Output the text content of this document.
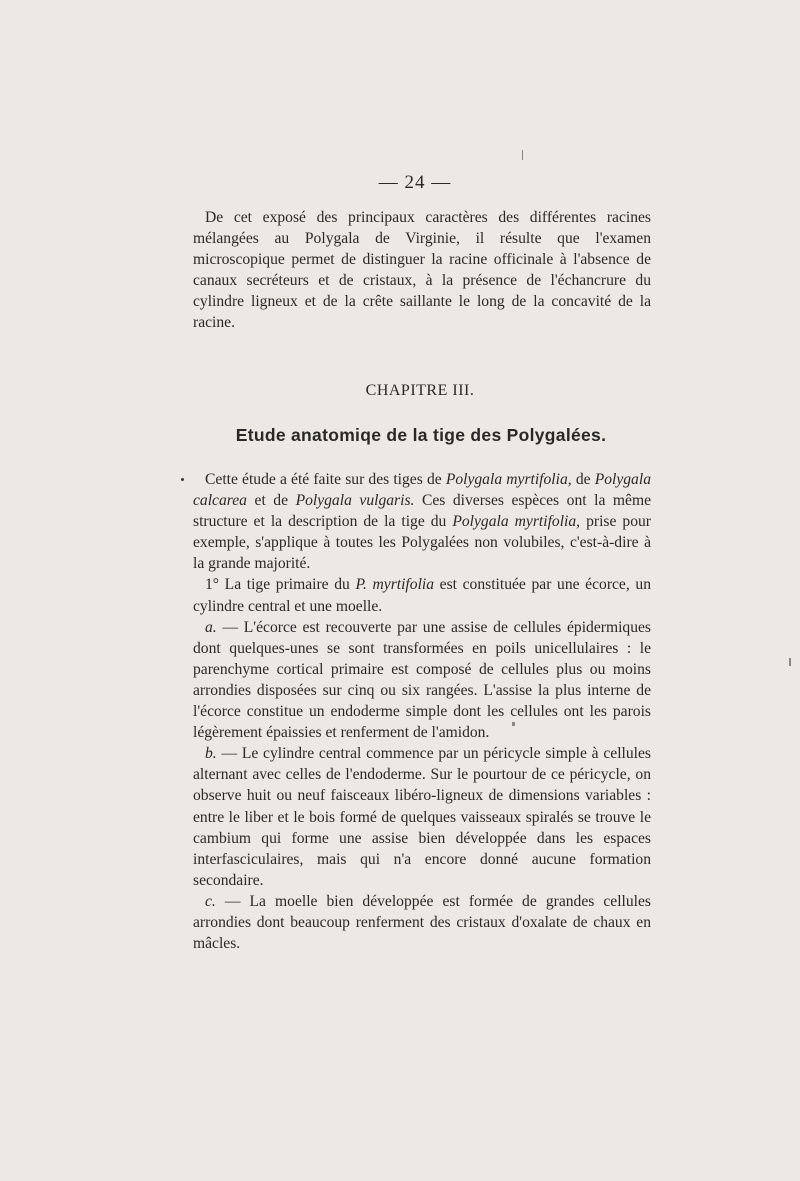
— 24 —

De cet exposé des principaux caractères des différentes racines mélangées au Polygala de Virginie, il résulte que l'examen microscopique permet de distinguer la racine officinale à l'absence de canaux secréteurs et de cristaux, à la présence de l'échancrure du cylindre ligneux et de la crête saillante le long de la concavité de la racine.

CHAPITRE III.
Etude anatomiqe de la tige des Polygalées.

Cette étude a été faite sur des tiges de Polygala myrtifolia, de Polygala calcarea et de Polygala vulgaris. Ces diverses espèces ont la même structure et la description de la tige du Polygala myrtifolia, prise pour exemple, s'applique à toutes les Polygalées non volubiles, c'est-à-dire à la grande majorité.

1° La tige primaire du P. myrtifolia est constituée par une écorce, un cylindre central et une moelle.

a. — L'écorce est recouverte par une assise de cellules épidermiques dont quelques-unes se sont transformées en poils unicellulaires : le parenchyme cortical primaire est composé de cellules plus ou moins arrondies disposées sur cinq ou six rangées. L'assise la plus interne de l'écorce constitue un endoderme simple dont les cellules ont les parois légèrement épaissies et renferment de l'amidon.

b. — Le cylindre central commence par un péricycle simple à cellules alternant avec celles de l'endoderme. Sur le pourtour de ce péricycle, on observe huit ou neuf faisceaux libéro-ligneux de dimensions variables : entre le liber et le bois formé de quelques vaisseaux spiralés se trouve le cambium qui forme une assise bien développée dans les espaces interfasciculaires, mais qui n'a encore donné aucune formation secondaire.

c. — La moelle bien développée est formée de grandes cellules arrondies dont beaucoup renferment des cristaux d'oxalate de chaux en mâcles.
